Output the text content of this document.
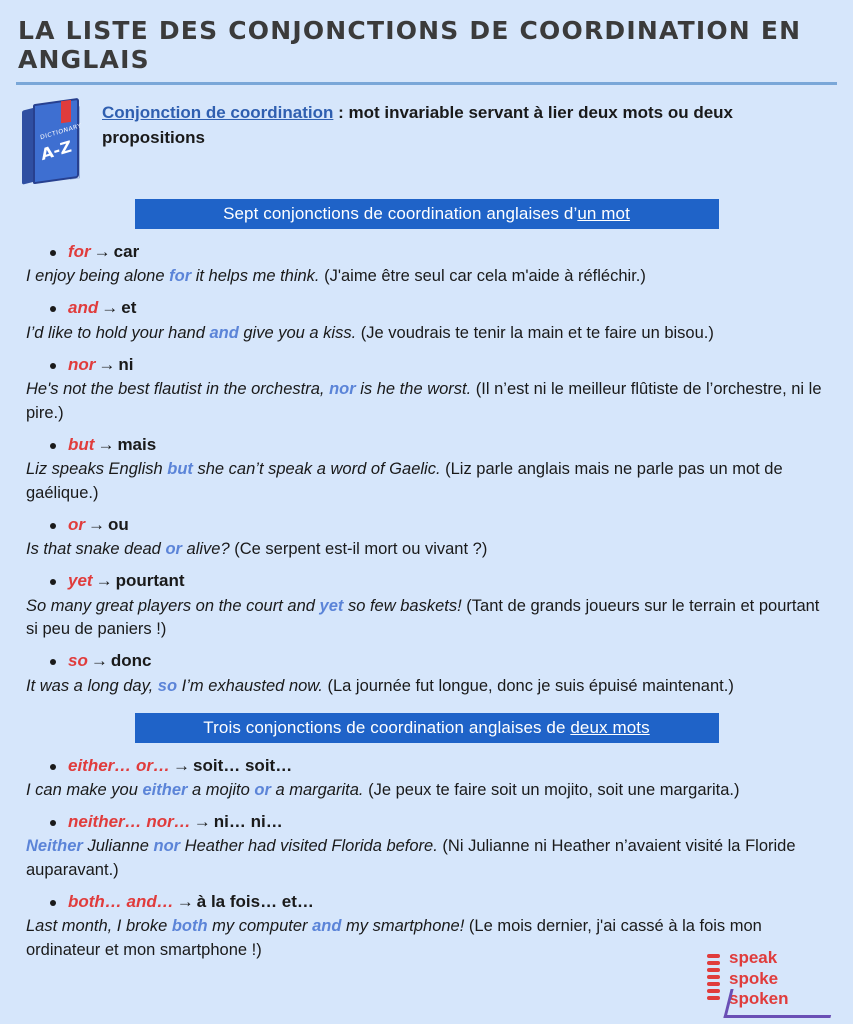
LA LISTE DES CONJONCTIONS DE COORDINATION EN ANGLAIS
DICTIONARY
A-Z
Conjonction de coordination : mot invariable servant à lier deux mots ou deux propositions
Sept conjonctions de coordination anglaises d’un mot
for → car
I enjoy being alone for it helps me think. (J'aime être seul car cela m'aide à réfléchir.)
and → et
I’d like to hold your hand and give you a kiss. (Je voudrais te tenir la main et te faire un bisou.)
nor → ni
He's not the best flautist in the orchestra, nor is he the worst. (Il n’est ni le meilleur flûtiste de l’orchestre, ni le pire.)
but → mais
Liz speaks English but she can’t speak a word of Gaelic. (Liz parle anglais mais ne parle pas un mot de gaélique.)
or → ou
Is that snake dead or alive? (Ce serpent est-il mort ou vivant ?)
yet → pourtant
So many great players on the court and yet so few baskets! (Tant de grands joueurs sur le terrain et pourtant si peu de paniers !)
so → donc
It was a long day, so I’m exhausted now. (La journée fut longue, donc je suis épuisé maintenant.)
Trois conjonctions de coordination anglaises de deux mots
either… or… → soit… soit…
I can make you either a mojito or a margarita. (Je peux te faire soit un mojito, soit une margarita.)
neither… nor… → ni… ni…
Neither Julianne nor Heather had visited Florida before. (Ni Julianne ni Heather n’avaient visité la Floride auparavant.)
both… and… → à la fois… et…
Last month, I broke both my computer and my smartphone! (Le mois dernier, j'ai cassé à la fois mon ordinateur et mon smartphone !)	speak
spoke
spoken
